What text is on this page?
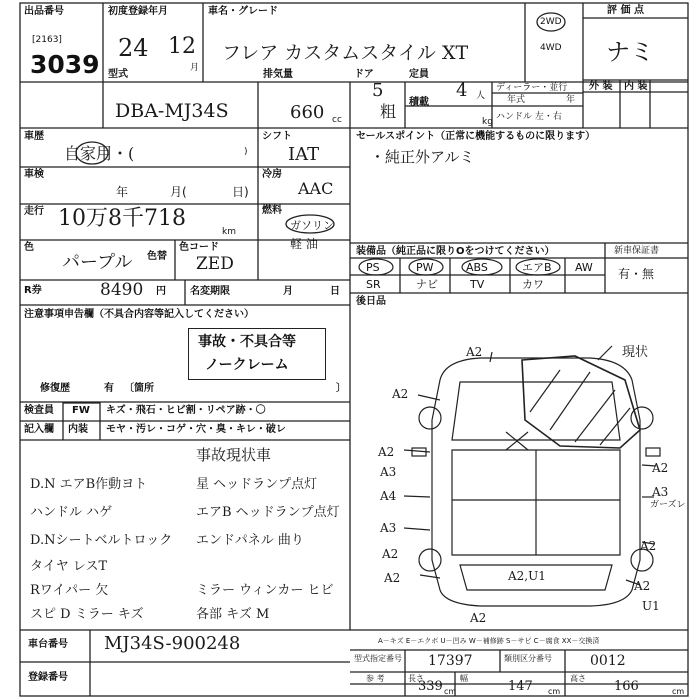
出品番号
[2163]
3039
初度登録年月
24 12
月
車名・グレード
フレア カスタムスタイル XT
2WD
4WD
評 価 点
ナミ
外 装 内 装
型式
DBA-MJ34S
排気量
660 cc
ドア
5
定員
4 人
粗 積載
kg
ディーラー・並行
年式	年
ハンドル 左・右
車歴
自家用・(	)
車検
年	月(	日)
走行 10万8千718
km
色
パープル 色替
色コード
ZED
R券	8490 円 名変期限	月	日
シフト
IAT
冷房
AAC
燃料
ガソリン
軽 油
セールスポイント（正常に機能するものに限ります）
・純正外アルミ
装備品（純正品に限りOをつけてください）	新車保証書
有・無
PS	PW	ABS	エアB AW
SR	ナビ	TV	カワ
後日品
注意事項申告欄（不具合内容等記入してください）
事故・不具合等
ノークレーム
修復歴	有 〔箇所	〕
検査員
記入欄
FW キズ・飛石・ヒビ割・リペア跡・〇
内装 モヤ・汚レ・コゲ・穴・臭・キレ・破レ
事故現状車
D.N エアB作動ヨト	星 ヘッドランプ点灯
ハンドル ハゲ	エアB ヘッドランプ点灯
D.Nシートベルトロック エンドパネル 曲り
タイヤ レスT
Rワイパー 欠	ミラー ウィンカー ヒビ
スピ D ミラー キズ	各部 キズ M
現状
A2
A2
A2
A3
A4
A3
A2
A2
A2
A2
A2
A3
ガーズレ
A2
A2,U1
U1
A－キズ E－エクボ U－凹み W－補修跡 S－サビ C－腐食 XX－交換済
車台番号 MJ34S-900248
登録番号
型式指定番号 17397	類別区分番号	0012
参 考	長さ
339 cm
幅
147 cm
高さ
166	cm
